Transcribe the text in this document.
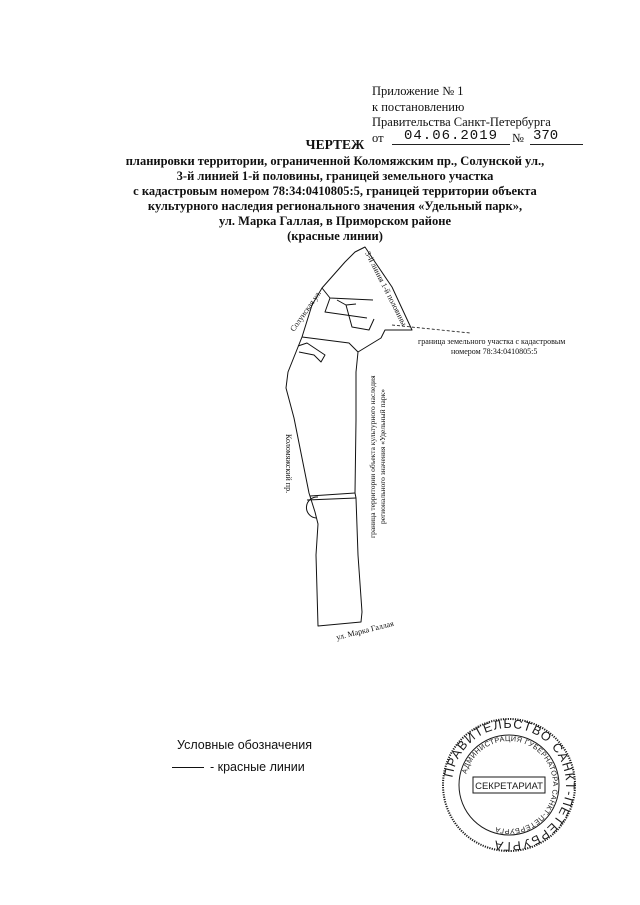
Приложение № 1
к постановлению
Правительства Санкт-Петербурга
от	04.06.2019	№ 370
ЧЕРТЕЖ
планировки территории, ограниченной Коломяжским пр., Солунской ул.,
3-й линией 1-й половины, границей земельного участка
с кадастровым номером 78:34:0410805:5, границей территории объекта
культурного наследия регионального значения «Удельный парк»,
ул. Марка Галлая, в Приморском районе
(красные линии)
3-й линия 1-й половины
Солунская ул.
Коломяжский пр.
граница земельного участка с кадастровым
номером 78:34:0410805:5
граница территории объекта культурного наследия регионального значения «Удельный парк»
ул. Марка Галлая
Условные обозначения
- красные линии	ПРАВИТЕЛЬСТВО САНКТ-ПЕТЕРБУРГА
АДМИНИСТРАЦИЯ ГУБЕРНАТОРА САНКТ-ПЕТЕРБУРГА
СЕКРЕТАРИАТ
